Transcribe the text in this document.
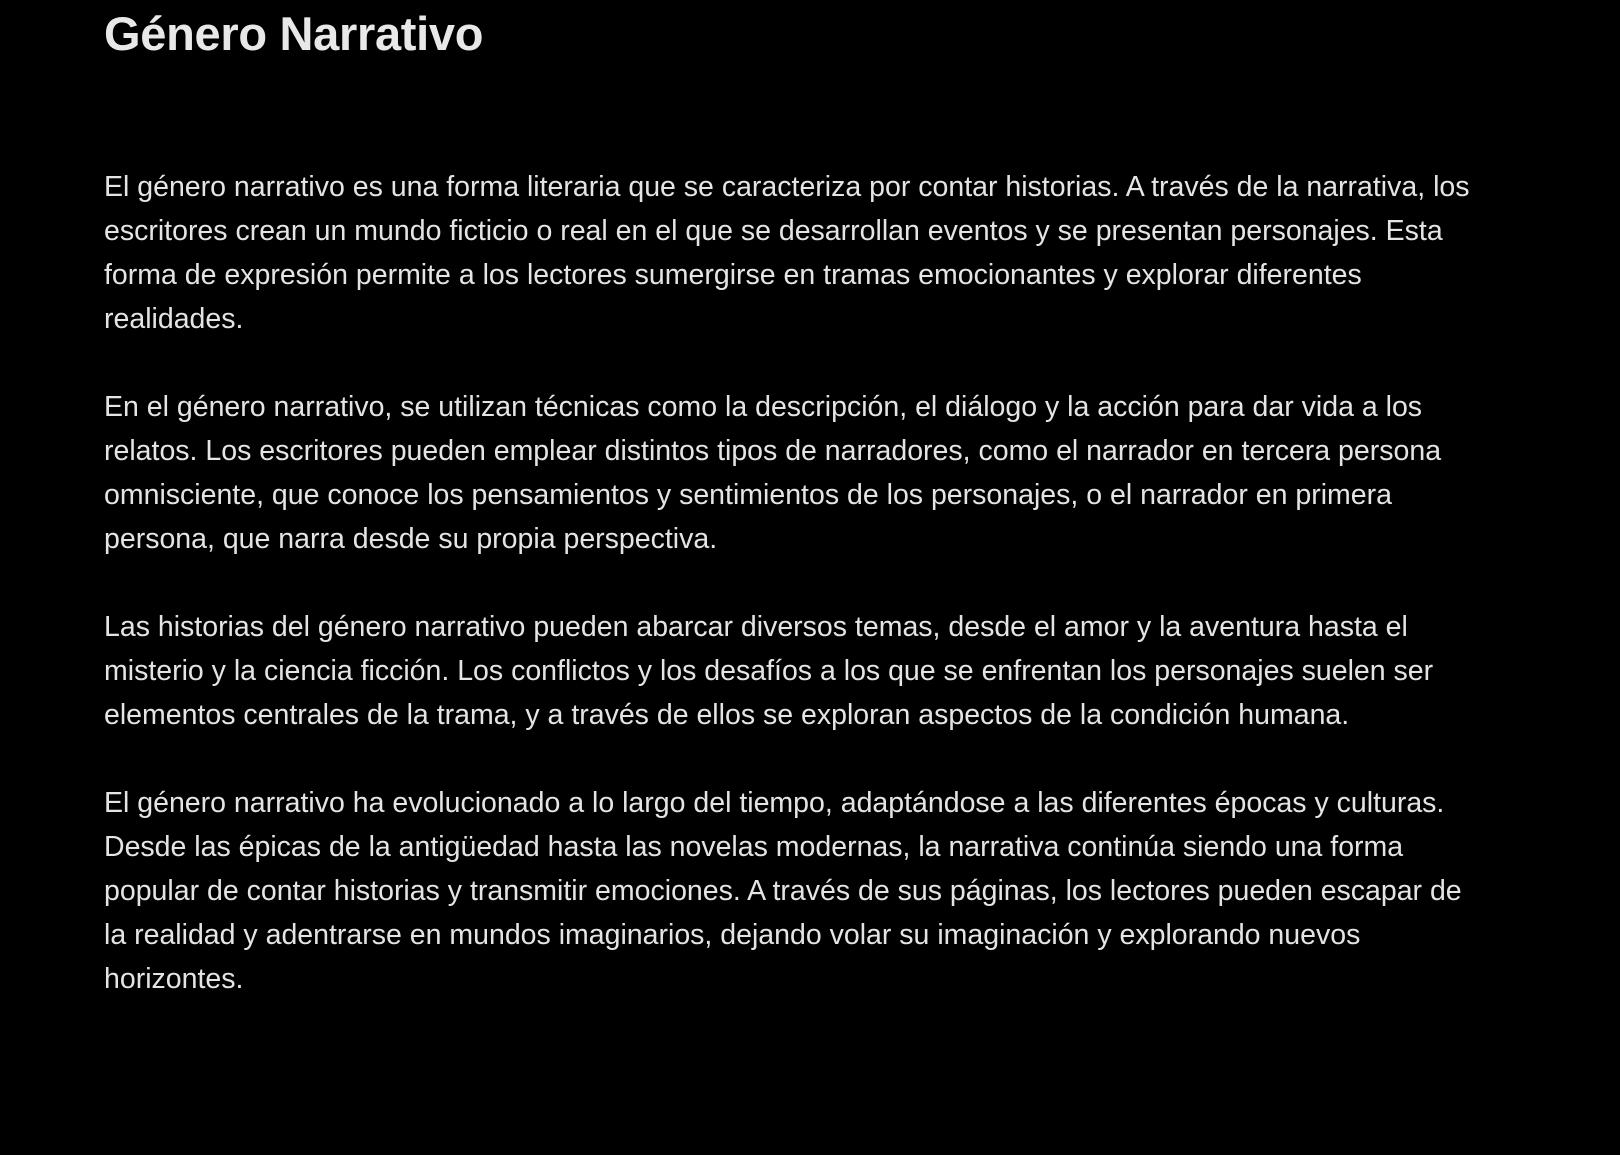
Género Narrativo

El género narrativo es una forma literaria que se caracteriza por contar historias. A través de la narrativa, los escritores crean un mundo ficticio o real en el que se desarrollan eventos y se presentan personajes. Esta forma de expresión permite a los lectores sumergirse en tramas emocionantes y explorar diferentes realidades.

En el género narrativo, se utilizan técnicas como la descripción, el diálogo y la acción para dar vida a los relatos. Los escritores pueden emplear distintos tipos de narradores, como el narrador en tercera persona omnisciente, que conoce los pensamientos y sentimientos de los personajes, o el narrador en primera persona, que narra desde su propia perspectiva.

Las historias del género narrativo pueden abarcar diversos temas, desde el amor y la aventura hasta el misterio y la ciencia ficción. Los conflictos y los desafíos a los que se enfrentan los personajes suelen ser elementos centrales de la trama, y a través de ellos se exploran aspectos de la condición humana.

El género narrativo ha evolucionado a lo largo del tiempo, adaptándose a las diferentes épocas y culturas. Desde las épicas de la antigüedad hasta las novelas modernas, la narrativa continúa siendo una forma popular de contar historias y transmitir emociones. A través de sus páginas, los lectores pueden escapar de la realidad y adentrarse en mundos imaginarios, dejando volar su imaginación y explorando nuevos horizontes.
